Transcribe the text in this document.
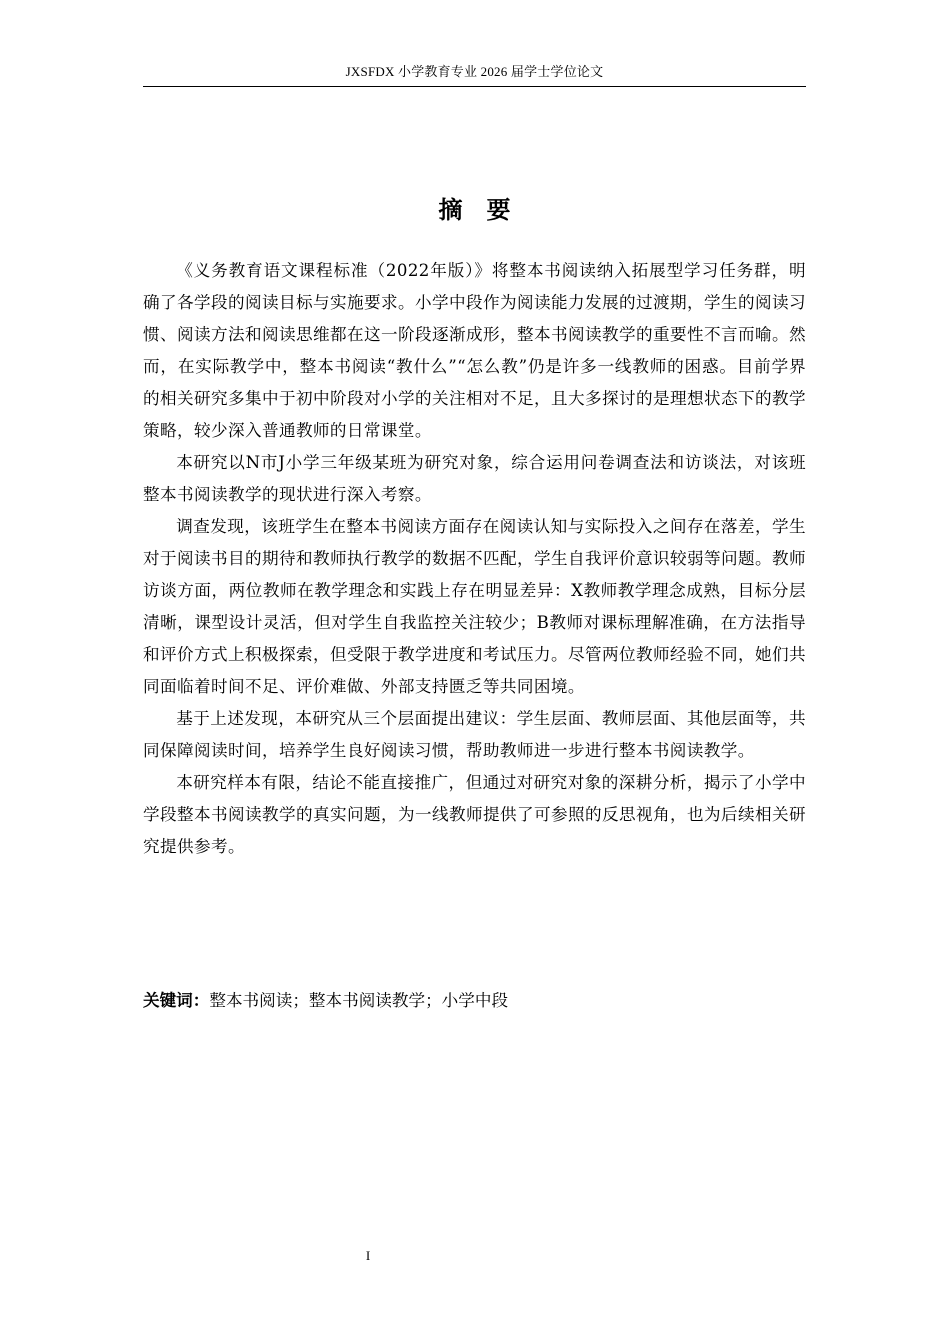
JXSFDX 小学教育专业 2026 届学士学位论文
摘要

《义务教育语文课程标准（2022年版）》将整本书阅读纳入拓展型学习任务群，明确了各学段的阅读目标与实施要求。小学中段作为阅读能力发展的过渡期，学生的阅读习惯、阅读方法和阅读思维都在这一阶段逐渐成形，整本书阅读教学的重要性不言而喻。然而，在实际教学中，整本书阅读“教什么”“怎么教”仍是许多一线教师的困惑。目前学界的相关研究多集中于初中阶段对小学的关注相对不足，且大多探讨的是理想状态下的教学策略，较少深入普通教师的日常课堂。

本研究以N市J小学三年级某班为研究对象，综合运用问卷调查法和访谈法，对该班整本书阅读教学的现状进行深入考察。

调查发现，该班学生在整本书阅读方面存在阅读认知与实际投入之间存在落差，学生对于阅读书目的期待和教师执行教学的数据不匹配，学生自我评价意识较弱等问题。教师访谈方面，两位教师在教学理念和实践上存在明显差异：X教师教学理念成熟，目标分层清晰，课型设计灵活，但对学生自我监控关注较少；B教师对课标理解准确，在方法指导和评价方式上积极探索，但受限于教学进度和考试压力。尽管两位教师经验不同，她们共同面临着时间不足、评价难做、外部支持匮乏等共同困境。

基于上述发现，本研究从三个层面提出建议：学生层面、教师层面、其他层面等，共同保障阅读时间，培养学生良好阅读习惯，帮助教师进一步进行整本书阅读教学。

本研究样本有限，结论不能直接推广，但通过对研究对象的深耕分析，揭示了小学中学段整本书阅读教学的真实问题，为一线教师提供了可参照的反思视角，也为后续相关研究提供参考。

关键词：整本书阅读；整本书阅读教学；小学中段
I
